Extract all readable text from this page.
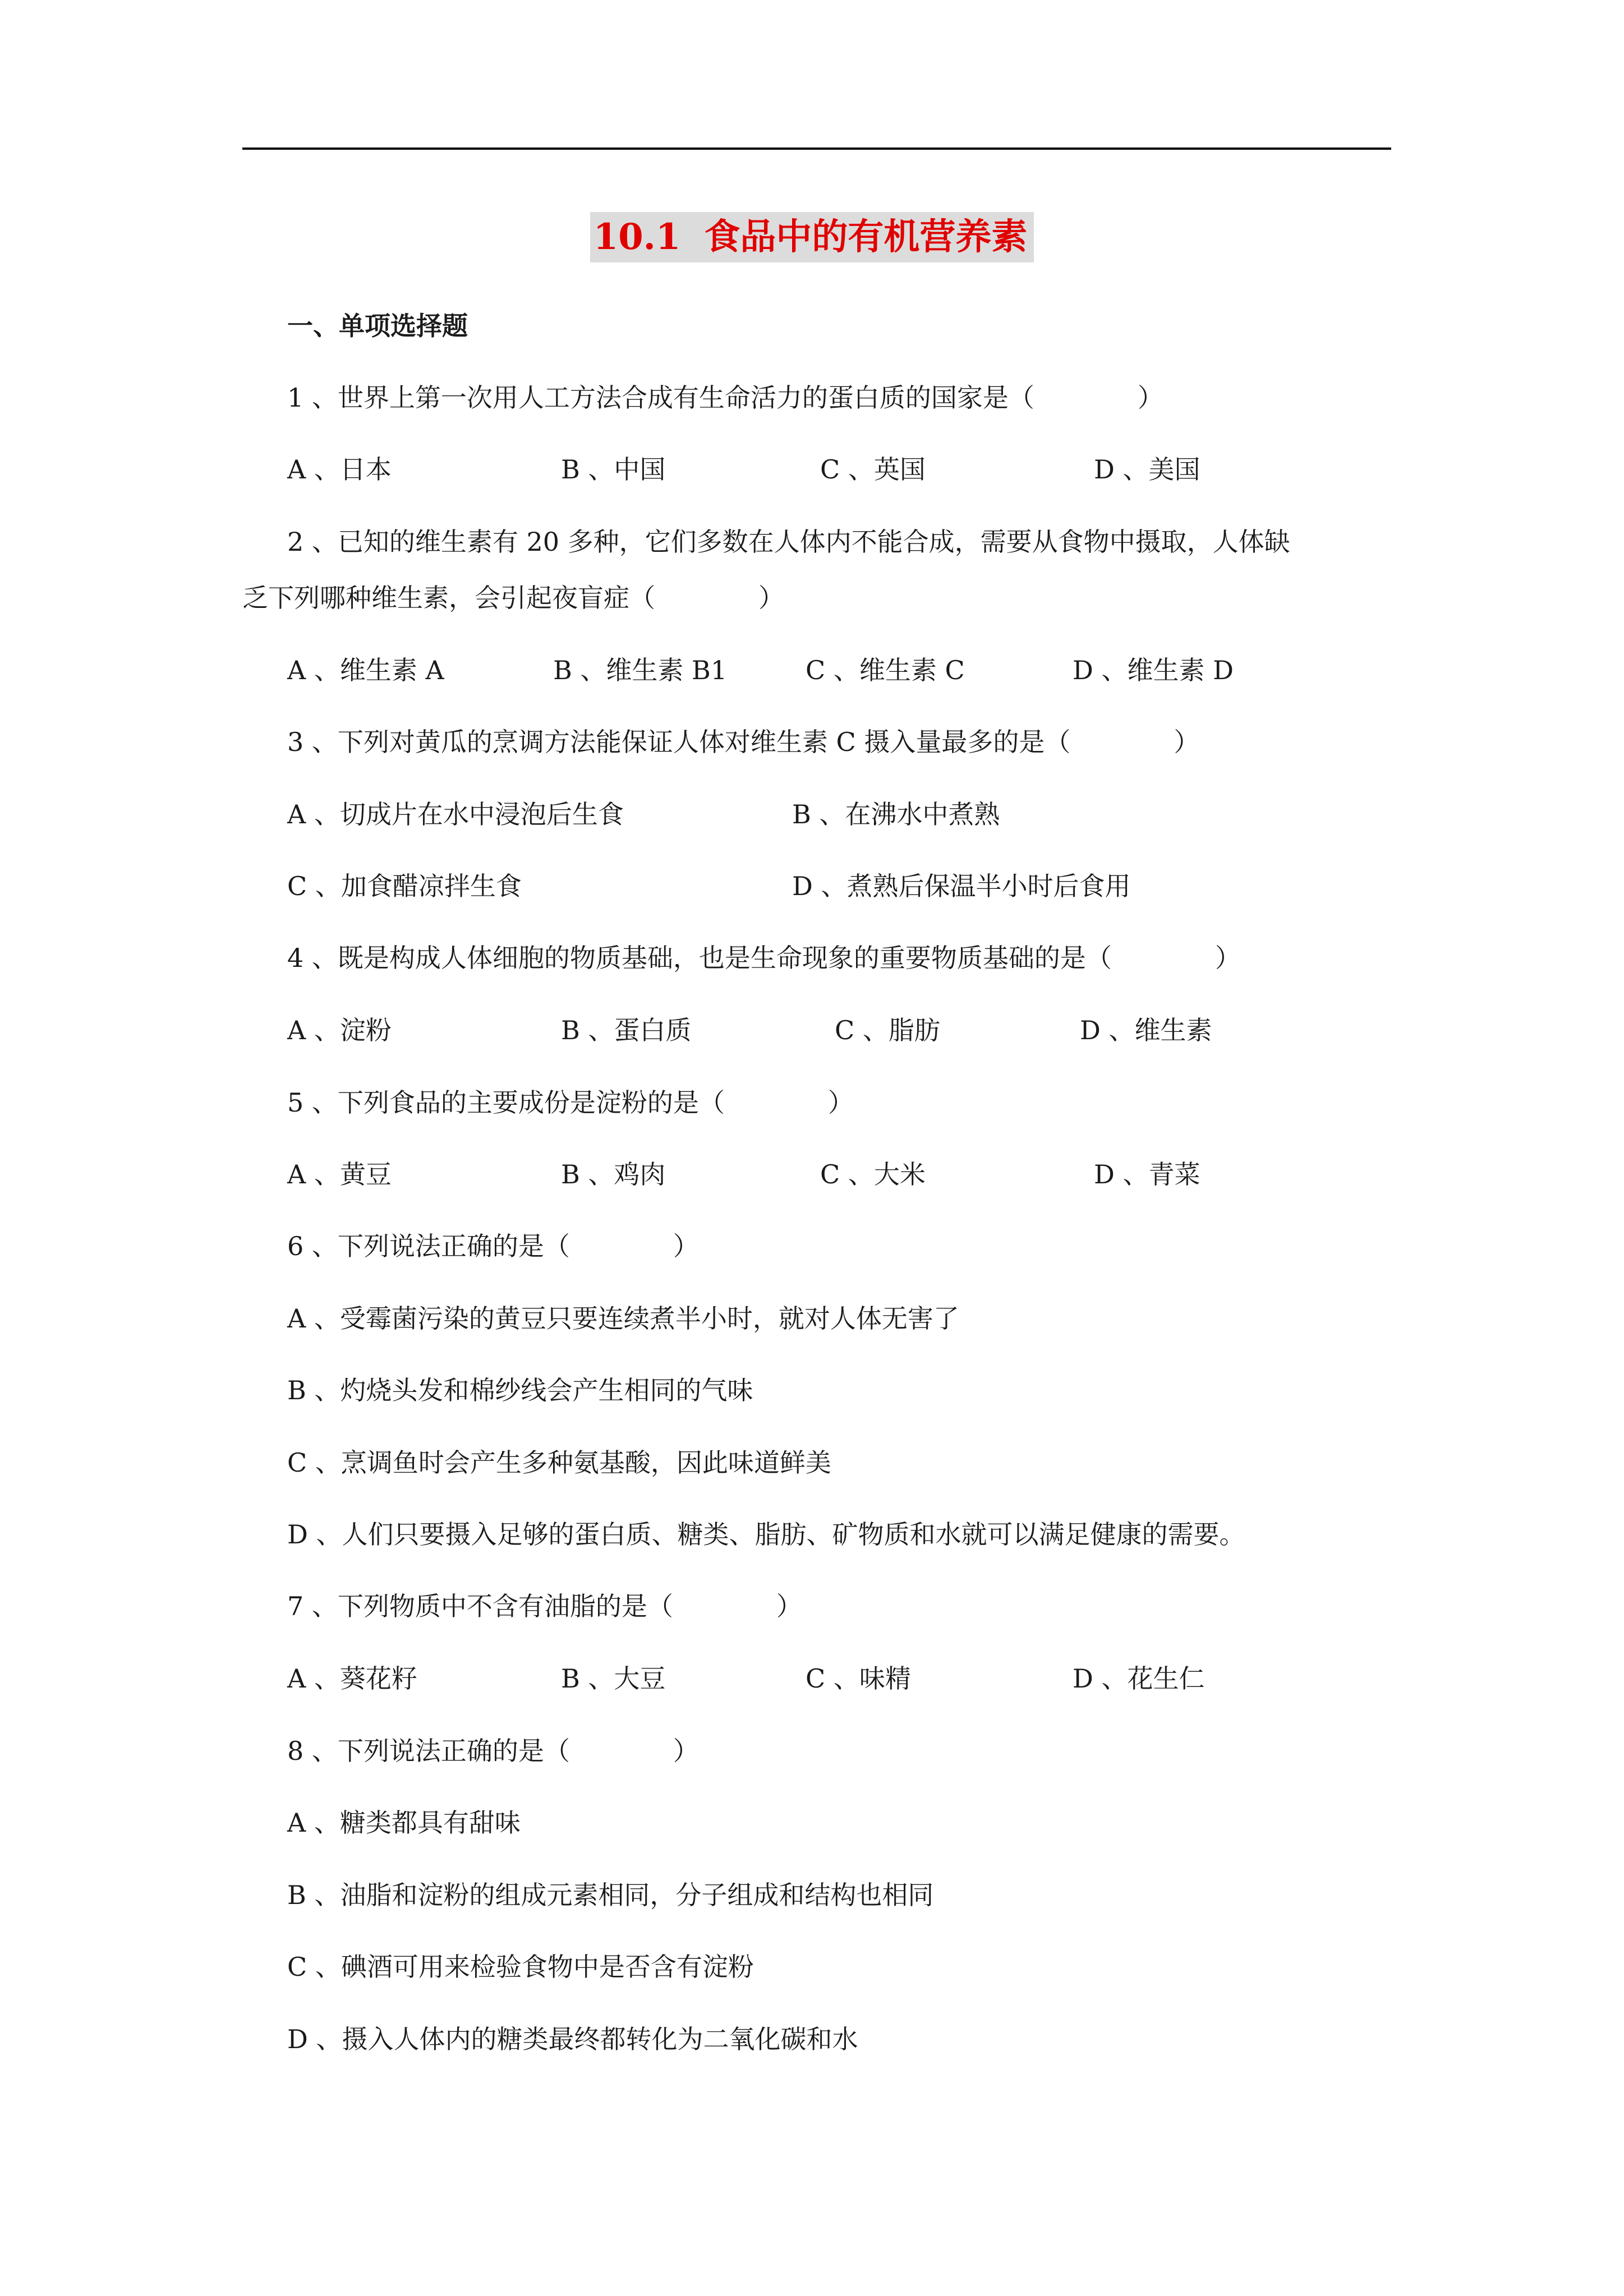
10.1 食品中的有机营养素
一、单项选择题
1 、世界上第一次用人工方法合成有生命活力的蛋白质的国家是（　　　　）
A 、日本	B 、中国	C 、英国	D 、美国
2 、已知的维生素有 20 多种，它们多数在人体内不能合成，需要从食物中摄取，人体缺
乏下列哪种维生素，会引起夜盲症（　　　　）
A 、维生素 A	B 、维生素 B1	C 、维生素 C	D 、维生素 D
3 、下列对黄瓜的烹调方法能保证人体对维生素 C 摄入量最多的是（　　　　）
A 、切成片在水中浸泡后生食	B 、在沸水中煮熟
C 、加食醋凉拌生食	D 、煮熟后保温半小时后食用
4 、既是构成人体细胞的物质基础，也是生命现象的重要物质基础的是（　　　　）
A 、淀粉	B 、蛋白质	C 、脂肪	D 、维生素
5 、下列食品的主要成份是淀粉的是（　　　　）
A 、黄豆	B 、鸡肉	C 、大米	D 、青菜
6 、下列说法正确的是（　　　　）
A 、受霉菌污染的黄豆只要连续煮半小时，就对人体无害了
B 、灼烧头发和棉纱线会产生相同的气味
C 、烹调鱼时会产生多种氨基酸，因此味道鲜美
D 、人们只要摄入足够的蛋白质、糖类、脂肪、矿物质和水就可以满足健康的需要。
7 、下列物质中不含有油脂的是（　　　　）
A 、葵花籽	B 、大豆	C 、味精	D 、花生仁
8 、下列说法正确的是（　　　　）
A 、糖类都具有甜味
B 、油脂和淀粉的组成元素相同，分子组成和结构也相同
C 、碘酒可用来检验食物中是否含有淀粉
D 、摄入人体内的糖类最终都转化为二氧化碳和水
